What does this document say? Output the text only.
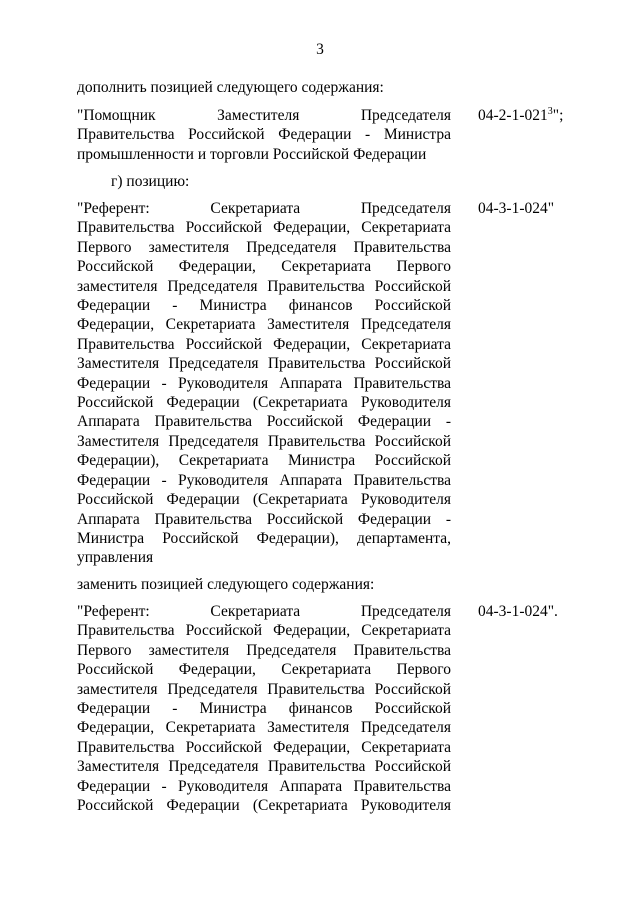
3
дополнить позицией следующего содержания:
"Помощник Заместителя Председателя
Правительства Российской Федерации - Министра
промышленности и торговли Российской Федерации
$04-2-1-021^3$";
г) позицию:
"Референт: Секретариата Председателя
Правительства Российской Федерации, Секретариата
Первого заместителя Председателя Правительства
Российской Федерации, Секретариата Первого
заместителя Председателя Правительства Российской
Федерации - Министра финансов Российской
Федерации, Секретариата Заместителя Председателя
Правительства Российской Федерации, Секретариата
Заместителя Председателя Правительства Российской
Федерации - Руководителя Аппарата Правительства
Российской Федерации (Секретариата Руководителя
Аппарата Правительства Российской Федерации -
Заместителя Председателя Правительства Российской
Федерации), Секретариата Министра Российской
Федерации - Руководителя Аппарата Правительства
Российской Федерации (Секретариата Руководителя
Аппарата Правительства Российской Федерации -
Министра Российской Федерации), департамента,
управления
04-3-1-024"
заменить позицией следующего содержания:
"Референт: Секретариата Председателя
Правительства Российской Федерации, Секретариата
Первого заместителя Председателя Правительства
Российской Федерации, Секретариата Первого
заместителя Председателя Правительства Российской
Федерации - Министра финансов Российской
Федерации, Секретариата Заместителя Председателя
Правительства Российской Федерации, Секретариата
Заместителя Председателя Правительства Российской
Федерации - Руководителя Аппарата Правительства
Российской Федерации (Секретариата Руководителя
04-3-1-024".
